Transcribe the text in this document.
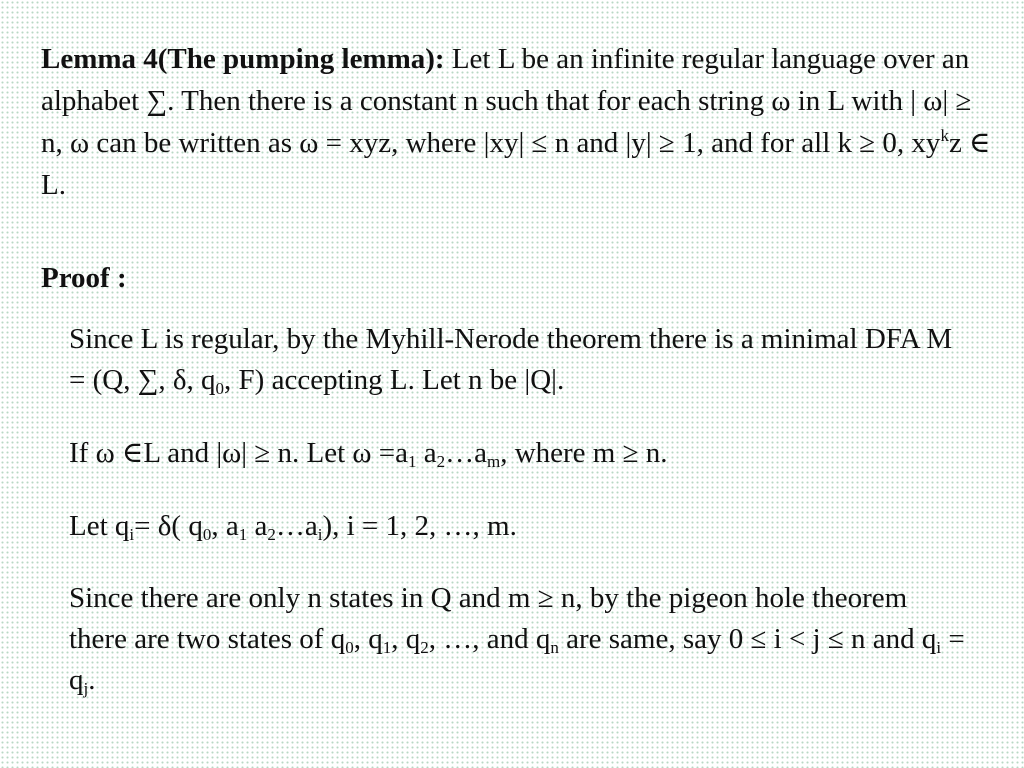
Lemma 4(The pumping lemma): Let L be an infinite regular language over an alphabet ∑. Then there is a constant n such that for each string ω in L with | ω| ≥ n, ω can be written as ω = xyz, where |xy| ≤ n and |y| ≥ 1, and for all k ≥ 0, $xy^kz$ ∈ L.

Proof :

Since L is regular, by the Myhill-Nerode theorem there is a minimal DFA M = (Q, ∑, δ, $q_0$, F) accepting L. Let n be |Q|.

If ω ∈L and |ω| ≥ n. Let $\omega =a_1$ $a_2\dots a_m$, where m ≥ n.

Let $q_i= \delta$( $q_0$, $a_1$ $a_2\dots a_i$), i = 1, 2, …, m.

Since there are only n states in Q and m ≥ n, by the pigeon hole theorem there are two states of $q_0$, $q_1$, $q_2$, …, and $q_n$ are same, say 0 ≤ i < j ≤ n and $q_i = q_j$.
